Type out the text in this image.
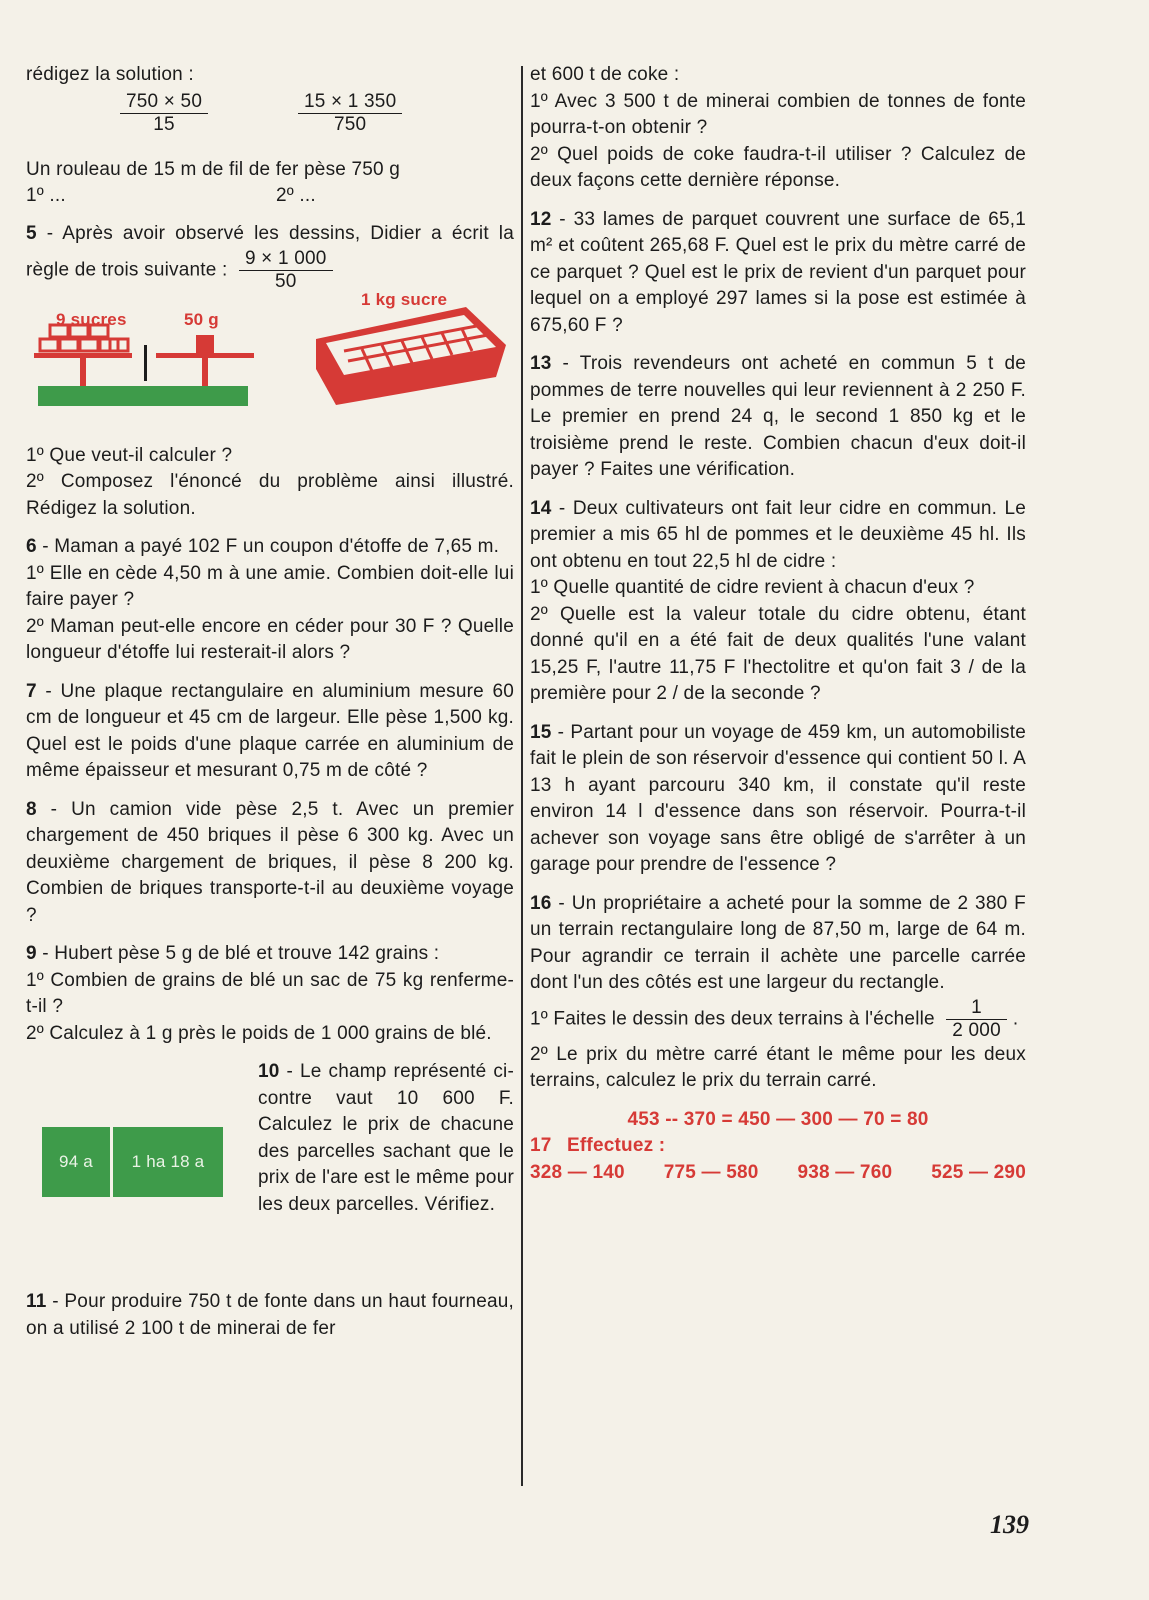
rédigez la solution :

$\frac{750 \times 50}{15}$	$\frac{15 \times 1 350}{750}$

Un rouleau de 15 m de fil de fer pèse 750 g

1º ...	2º ...

5 - Après avoir observé les dessins, Didier a écrit la règle de trois suivante : $\frac{9 \times 1 000}{50}$

9 sucres	50 g
1 kg sucre

1º Que veut-il calculer ?

2º Composez l'énoncé du problème ainsi illustré. Rédigez la solution.

6 - Maman a payé 102 F un coupon d'étoffe de 7,65 m.

1º Elle en cède 4,50 m à une amie. Combien doit-elle lui faire payer ?

2º Maman peut-elle encore en céder pour 30 F ? Quelle longueur d'étoffe lui resterait-il alors ?

7 - Une plaque rectangulaire en aluminium mesure 60 cm de longueur et 45 cm de largeur. Elle pèse 1,500 kg. Quel est le poids d'une plaque carrée en aluminium de même épaisseur et mesurant 0,75 m de côté ?

8 - Un camion vide pèse 2,5 t. Avec un premier chargement de 450 briques il pèse 6 300 kg. Avec un deuxième chargement de briques, il pèse 8 200 kg. Combien de briques transporte-t-il au deuxième voyage ?

9 - Hubert pèse 5 g de blé et trouve 142 grains :

1º Combien de grains de blé un sac de 75 kg renferme-t-il ?

2º Calculez à 1 g près le poids de 1 000 grains de blé.

94 a	1 ha 18 a

10 - Le champ représenté ci-contre vaut 10 600 F. Calculez le prix de chacune des parcelles sachant que le prix de l'are est le même pour les deux parcelles. Vérifiez.

11 - Pour produire 750 t de fonte dans un haut fourneau, on a utilisé 2 100 t de minerai de fer

et 600 t de coke :

1º Avec 3 500 t de minerai combien de tonnes de fonte pourra-t-on obtenir ?

2º Quel poids de coke faudra-t-il utiliser ? Calculez de deux façons cette dernière réponse.

12 - 33 lames de parquet couvrent une surface de 65,1 m² et coûtent 265,68 F. Quel est le prix du mètre carré de ce parquet ? Quel est le prix de revient d'un parquet pour lequel on a employé 297 lames si la pose est estimée à 675,60 F ?

13 - Trois revendeurs ont acheté en commun 5 t de pommes de terre nouvelles qui leur reviennent à 2 250 F. Le premier en prend 24 q, le second 1 850 kg et le troisième prend le reste. Combien chacun d'eux doit-il payer ? Faites une vérification.

14 - Deux cultivateurs ont fait leur cidre en commun. Le premier a mis 65 hl de pommes et le deuxième 45 hl. Ils ont obtenu en tout 22,5 hl de cidre :

1º Quelle quantité de cidre revient à chacun d'eux ?

2º Quelle est la valeur totale du cidre obtenu, étant donné qu'il en a été fait de deux qualités l'une valant 15,25 F, l'autre 11,75 F l'hectolitre et qu'on fait 3 / de la première pour 2 / de la seconde ?

15 - Partant pour un voyage de 459 km, un automobiliste fait le plein de son réservoir d'essence qui contient 50 l. A 13 h ayant parcouru 340 km, il constate qu'il reste environ 14 l d'essence dans son réservoir. Pourra-t-il achever son voyage sans être obligé de s'arrêter à un garage pour prendre de l'essence ?

16 - Un propriétaire a acheté pour la somme de 2 380 F un terrain rectangulaire long de 87,50 m, large de 64 m. Pour agrandir ce terrain il achète une parcelle carrée dont l'un des côtés est une largeur du rectangle.

1º Faites le dessin des deux terrains à l'échelle $\frac{1}{2 000}$ .

2º Le prix du mètre carré étant le même pour les deux terrains, calculez le prix du terrain carré.

453 -- 370 = 450 — 300 — 70 = 80
17 Effectuez :
328 — 140 775 — 580 938 — 760 525 — 290
139
